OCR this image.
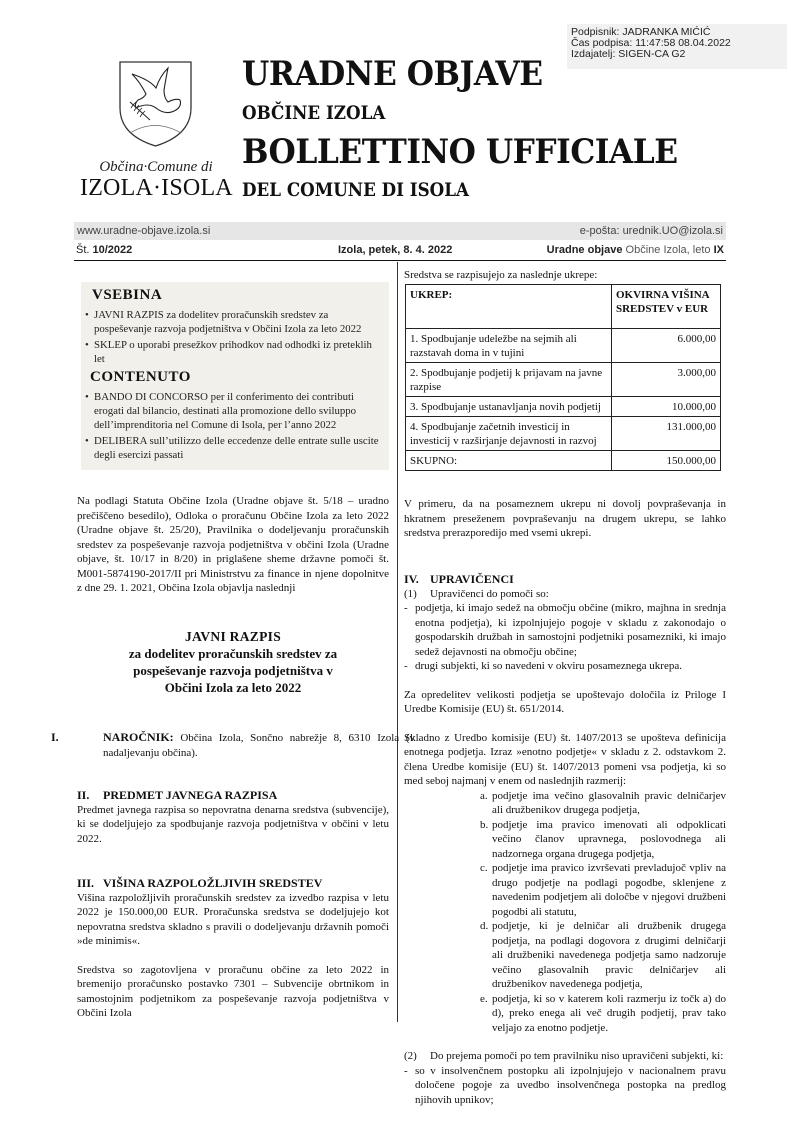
Podpisnik: JADRANKA MIĆIĆ
Čas podpisa: 11:47:58 08.04.2022
Izdajatelj: SIGEN-CA G2
Občina·Comune di
IZOLA·ISOLA
URADNE OBJAVE
OBČINE IZOLA
BOLLETTINO UFFICIALE
DEL COMUNE DI ISOLA
www.uradne-objave.izola.si	e-pošta: urednik.UO@izola.si
Št. 10/2022	Izola, petek, 8. 4. 2022	Uradne objave Občine Izola, leto IX
VSEBINA
• JAVNI RAZPIS za dodelitev proračunskih sredstev za pospeševanje razvoja podjetništva v Občini Izola za leto 2022
• SKLEP o uporabi presežkov prihodkov nad odhodki iz preteklih let
CONTENUTO
• BANDO DI CONCORSO per il conferimento dei contributi erogati dal bilancio, destinati alla promozione dello sviluppo dell’imprenditoria nel Comune di Isola, per l’anno 2022
• DELIBERA sull’utilizzo delle eccedenze delle entrate sulle uscite degli esercizi passati
Na podlagi Statuta Občine Izola (Uradne objave št. 5/18 – uradno prečiščeno besedilo), Odloka o proračunu Občine Izola za leto 2022 (Uradne objave št. 25/20), Pravilnika o dodeljevanju proračunskih sredstev za pospeševanje razvoja podjetništva v občini Izola (Uradne objave, št. 10/17 in 8/20) in priglašene sheme državne pomoči št. M001-5874190-2017/II pri Ministrstvu za finance in njene dopolnitve z dne 29. 1. 2021, Občina Izola objavlja naslednji
JAVNI RAZPIS
za dodelitev proračunskih sredstev za
pospeševanje razvoja podjetništva v
Občini Izola za leto 2022
I.	NAROČNIK: Občina Izola, Sončno nabrežje 8, 6310 Izola (v nadaljevanju občina).
II. PREDMET JAVNEGA RAZPISA
Predmet javnega razpisa so nepovratna denarna sredstva (subvencije), ki se dodeljujejo za spodbujanje razvoja podjetništva v občini v letu 2022.
III. VIŠINA RAZPOLOŽLJIVIH SREDSTEV
Višina razpoložljivih proračunskih sredstev za izvedbo razpisa v letu 2022 je 150.000,00 EUR. Proračunska sredstva se dodeljujejo kot nepovratna sredstva skladno s pravili o dodeljevanju državnih pomoči »de minimis«.
Sredstva so zagotovljena v proračunu občine za leto 2022 in bremenijo proračunsko postavko 7301 – Subvencije obrtnikom in samostojnim podjetnikom za pospeševanje razvoja podjetništva v Občini Izola
Sredstva se razpisujejo za naslednje ukrepe:
UKREP:	OKVIRNA VIŠINA SREDSTEV v EUR
1. Spodbujanje udeležbe na sejmih ali razstavah doma in v tujini	6.000,00
2. Spodbujanje podjetij k prijavam na javne razpise	3.000,00
3. Spodbujanje ustanavljanja novih podjetij	10.000,00
4. Spodbujanje začetnih investicij in investicij v razširjanje dejavnosti in razvoj	131.000,00
SKUPNO:	150.000,00
V primeru, da na posameznem ukrepu ni dovolj povpraševanja in hkratnem preseženem povpraševanju na drugem ukrepu, se lahko sredstva prerazporedijo med vsemi ukrepi.
IV. UPRAVIČENCI
(1) Upravičenci do pomoči so:
- podjetja, ki imajo sedež na območju občine (mikro, majhna in srednja enotna podjetja), ki izpolnjujejo pogoje v skladu z zakonodajo o gospodarskih družbah in samostojni podjetniki posamezniki, ki imajo sedež dejavnosti na območju občine;
- drugi subjekti, ki so navedeni v okviru posameznega ukrepa.
Za opredelitev velikosti podjetja se upoštevajo določila iz Priloge I Uredbe Komisije (EU) št. 651/2014.
Skladno z Uredbo komisije (EU) št. 1407/2013 se upošteva definicija enotnega podjetja. Izraz »enotno podjetje« v skladu z 2. odstavkom 2. člena Uredbe komisije (EU) št. 1407/2013 pomeni vsa podjetja, ki so med seboj najmanj v enem od naslednjih razmerij:
a. podjetje ima večino glasovalnih pravic delničarjev ali družbenikov drugega podjetja,
b. podjetje ima pravico imenovati ali odpoklicati večino članov upravnega, poslovodnega ali nadzornega organa drugega podjetja,
c. podjetje ima pravico izvrševati prevladujoč vpliv na drugo podjetje na podlagi pogodbe, sklenjene z navedenim podjetjem ali določbe v njegovi družbeni pogodbi ali statutu,
d. podjetje, ki je delničar ali družbenik drugega podjetja, na podlagi dogovora z drugimi delničarji ali družbeniki navedenega podjetja samo nadzoruje večino glasovalnih pravic delničarjev ali družbenikov navedenega podjetja,
e. podjetja, ki so v katerem koli razmerju iz točk a) do d), preko enega ali več drugih podjetij, prav tako veljajo za enotno podjetje.
(2) Do prejema pomoči po tem pravilniku niso upravičeni subjekti, ki:
- so v insolvenčnem postopku ali izpolnjujejo v nacionalnem pravu določene pogoje za uvedbo insolvenčnega postopka na predlog njihovih upnikov;
